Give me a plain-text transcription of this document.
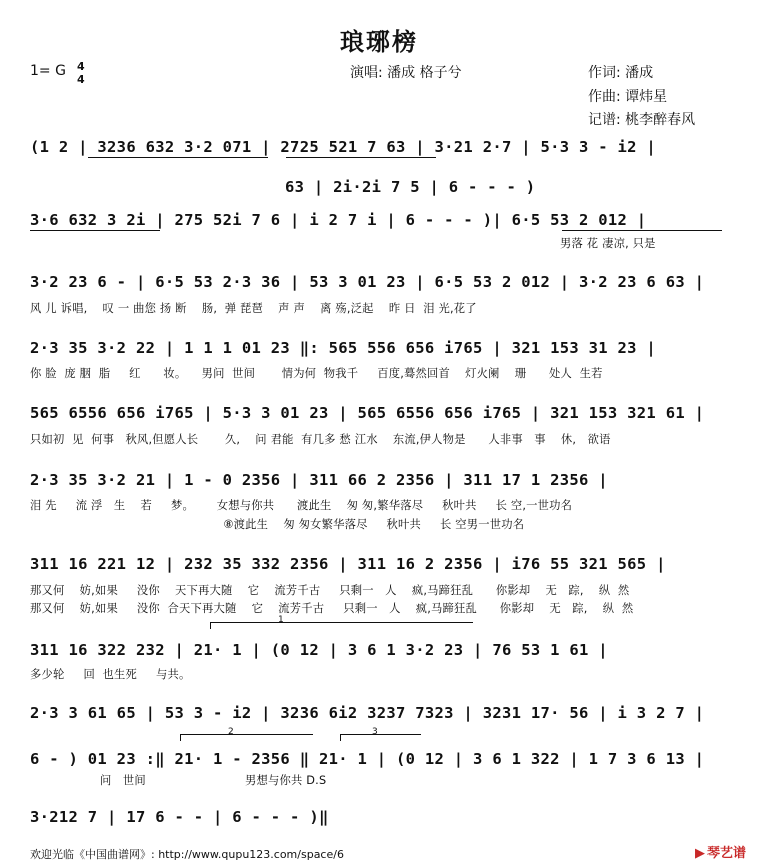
琅琊榜
1= G 4
4	演唱: 潘成 格子兮	作词: 潘成
作曲: 谭炜星
记谱: 桃李醉春风
(1 2 | 3236 632 3·2 071 | 2725 521 7 63 | 3·21 2·7 | 5·3 3 - i2 |
63 | 2i·2i 7 5 | 6 - - - )
3·6 632 3 2i | 275 52i 7 6 | i 2 7 i | 6 - - - )| 6·5 53 2 012 |
男落 花 凄凉, 只是
3·2 23 6 - | 6·5 53 2·3 36 | 53 3 01 23 | 6·5 53 2 012 | 3·2 23 6 63 |
风 儿 诉唱,    叹 一 曲您 扬 断    肠,  弹 琵琶    声 声    离 殇,泛起    昨 日  泪 光,花了
2·3 35 3·2 22 | 1 1 1 01 23 ‖: 565 556 656 i765 | 321 153 31 23 |
你 脸  庞 胭  脂     红      妆。    男问  世间       情为何  物我千     百度,蓦然回首    灯火阑    珊      处人  生若
565 6556 656 i765 | 5·3 3 01 23 | 565 6556 656 i765 | 321 153 321 61 |
只如初  见  何事   秋风,但愿人长       久,    问 君能  有几多 愁 江水    东流,伊人物是      人非事   事    休,   欲语
2·3 35 3·2 21 | 1 - 0 2356 | 311 66 2 2356 | 311 17 1 2356 |
泪 先     流 浮   生    若     梦。      女想与你共      渡此生    匆 匆,繁华落尽     秋叶共     长 空,一世功名
⑧渡此生    匆 匆女繁华落尽     秋叶共     长 空男一世功名
311 16 221 12 | 232 35 332 2356 | 311 16 2 2356 | i76 55 321 565 |
那又何    妨,如果     没你    天下再大随    它    流芳千古     只剩一   人    疯,马蹄狂乱      你影却    无   踪,    纵  然
那又何    妨,如果     没你  合天下再大随    它    流芳千古     只剩一   人    疯,马蹄狂乱      你影却    无   踪,    纵  然
1
311 16 322 232 | 21· 1 | (0 12 | 3 6 1 3·2 23 | 76 53 1 61 |
多少轮     回  也生死     与共。
2·3 3 61 65 | 53 3 - i2 | 3236 6i2 3237 7323 | 3231 17· 56 | i 3 2 7 |
2	3
6 - ) 01 23 :‖ 21· 1 - 2356 ‖ 21· 1 | (0 12 | 3 6 1 322 | 1 7 3 6 13 |
问   世间	男想与你共 D.S
3·212 7 | 17 6 - - | 6 - - - )‖
欢迎光临《中国曲谱网》: http://www.qupu123.com/space/6	▶ 琴艺谱
